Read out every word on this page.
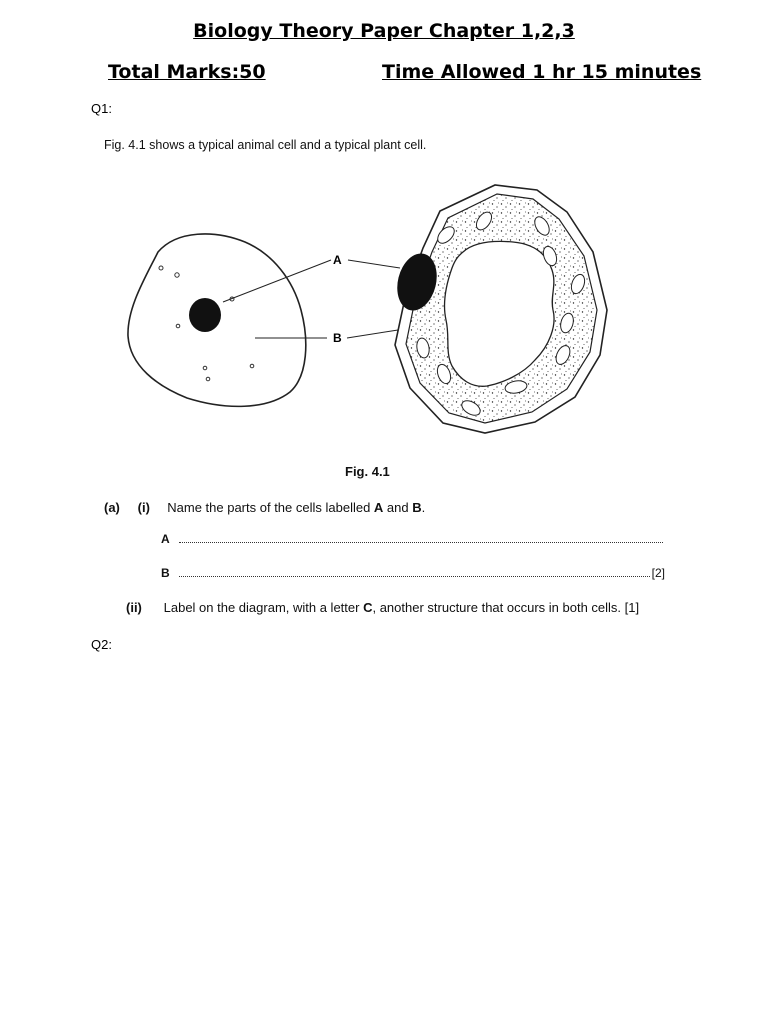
Biology Theory Paper Chapter 1,2,3
Total Marks:50	Time Allowed 1 hr 15 minutes
Q1:
Fig. 4.1 shows a typical animal cell and a typical plant cell.
A
B
Fig. 4.1
(a) (i) Name the parts of the cells labelled A and B.
A
B	[2]
(ii) Label on the diagram, with a letter C, another structure that occurs in both cells. [1]
Q2:
